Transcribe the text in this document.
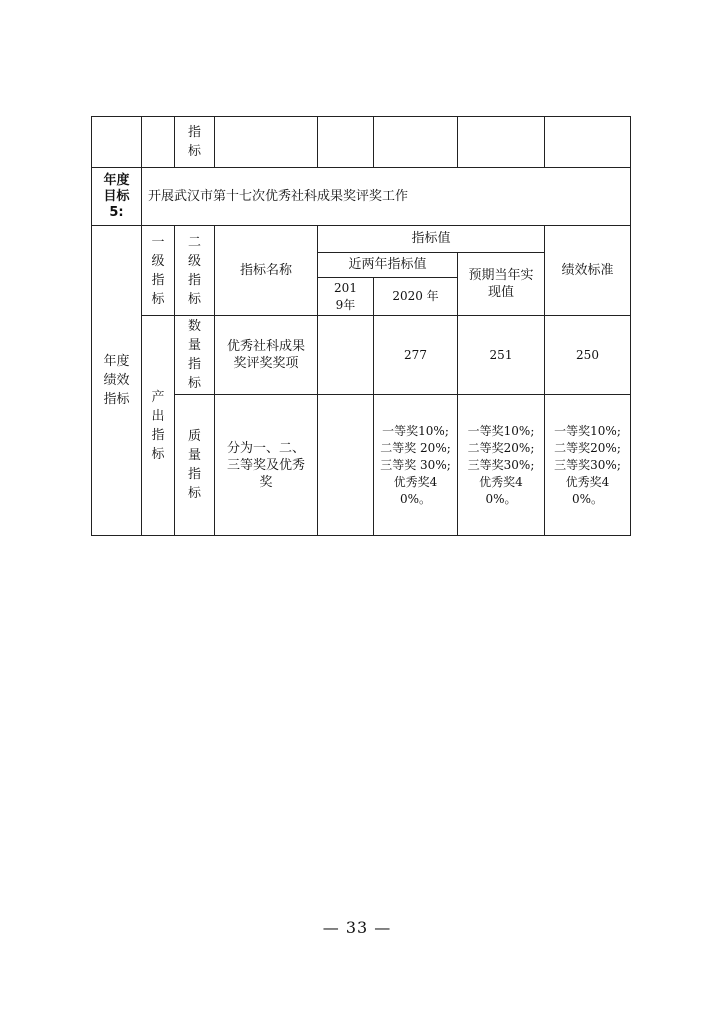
		指标					
年度目标5:	开展武汉市第十七次优秀社科成果奖评奖工作						
年度绩效指标	一级指标	二级指标	指标名称	指标值			绩效标准
				近两年指标值		预期当年实现值	
				2019年	2020 年		
	产出指标	数量指标	优秀社科成果奖评奖奖项		277	251	250
		质量指标	分为一、二、三等奖及优秀奖		一等奖10%; 二等奖 20%; 三等奖 30%; 优秀奖40%。	一等奖10%; 二等奖20%; 三等奖30%; 优秀奖40%。	一等奖10%; 二等奖20%; 三等奖30%; 优秀奖40%。
— 33 —
